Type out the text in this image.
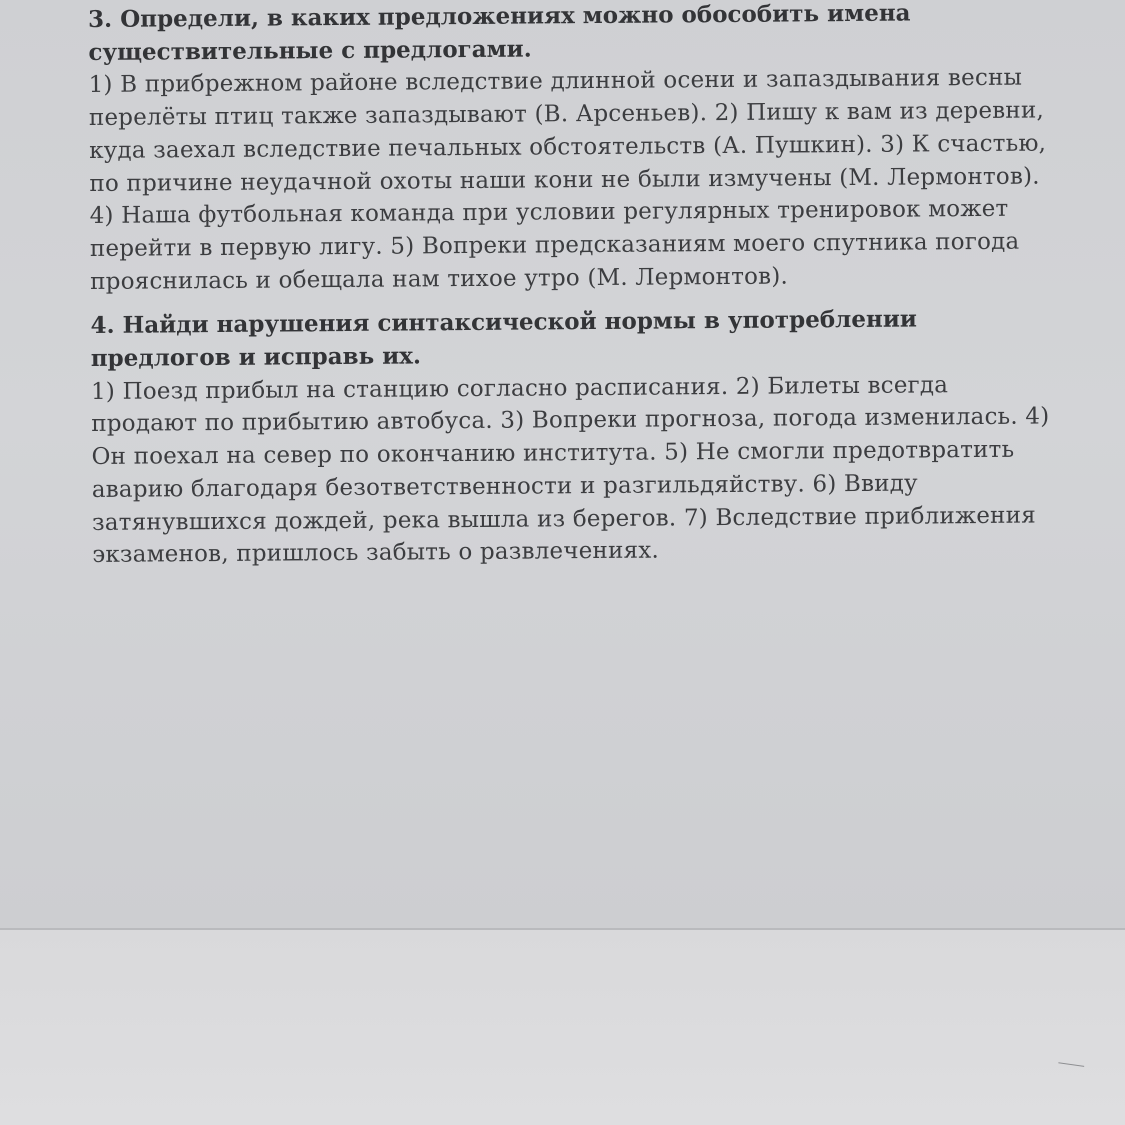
3. Определи, в каких предложениях можно обособить имена существительные с предлогами.
1) В прибрежном районе вследствие длинной осени и запаздывания весны перелёты птиц также запаздывают (В. Арсеньев). 2) Пишу к вам из деревни, куда заехал вследствие печальных обстоятельств (А. Пушкин). 3) К счастью, по причине неудачной охоты наши кони не были измучены (М. Лермонтов). 4) Наша футбольная команда при условии регулярных тренировок может перейти в первую лигу. 5) Вопреки предсказаниям моего спутника погода прояснилась и обещала нам тихое утро (М. Лермонтов).

4. Найди нарушения синтаксической нормы в употреблении предлогов и исправь их.
1) Поезд прибыл на станцию согласно расписания. 2) Билеты всегда продают по прибытию автобуса. 3) Вопреки прогноза, погода изменилась. 4) Он поехал на север по окончанию института. 5) Не смогли предотвратить аварию благодаря безответственности и разгильдяйству. 6) Ввиду затянувшихся дождей, река вышла из берегов. 7) Вследствие приближения экзаменов, пришлось забыть о развлечениях.
